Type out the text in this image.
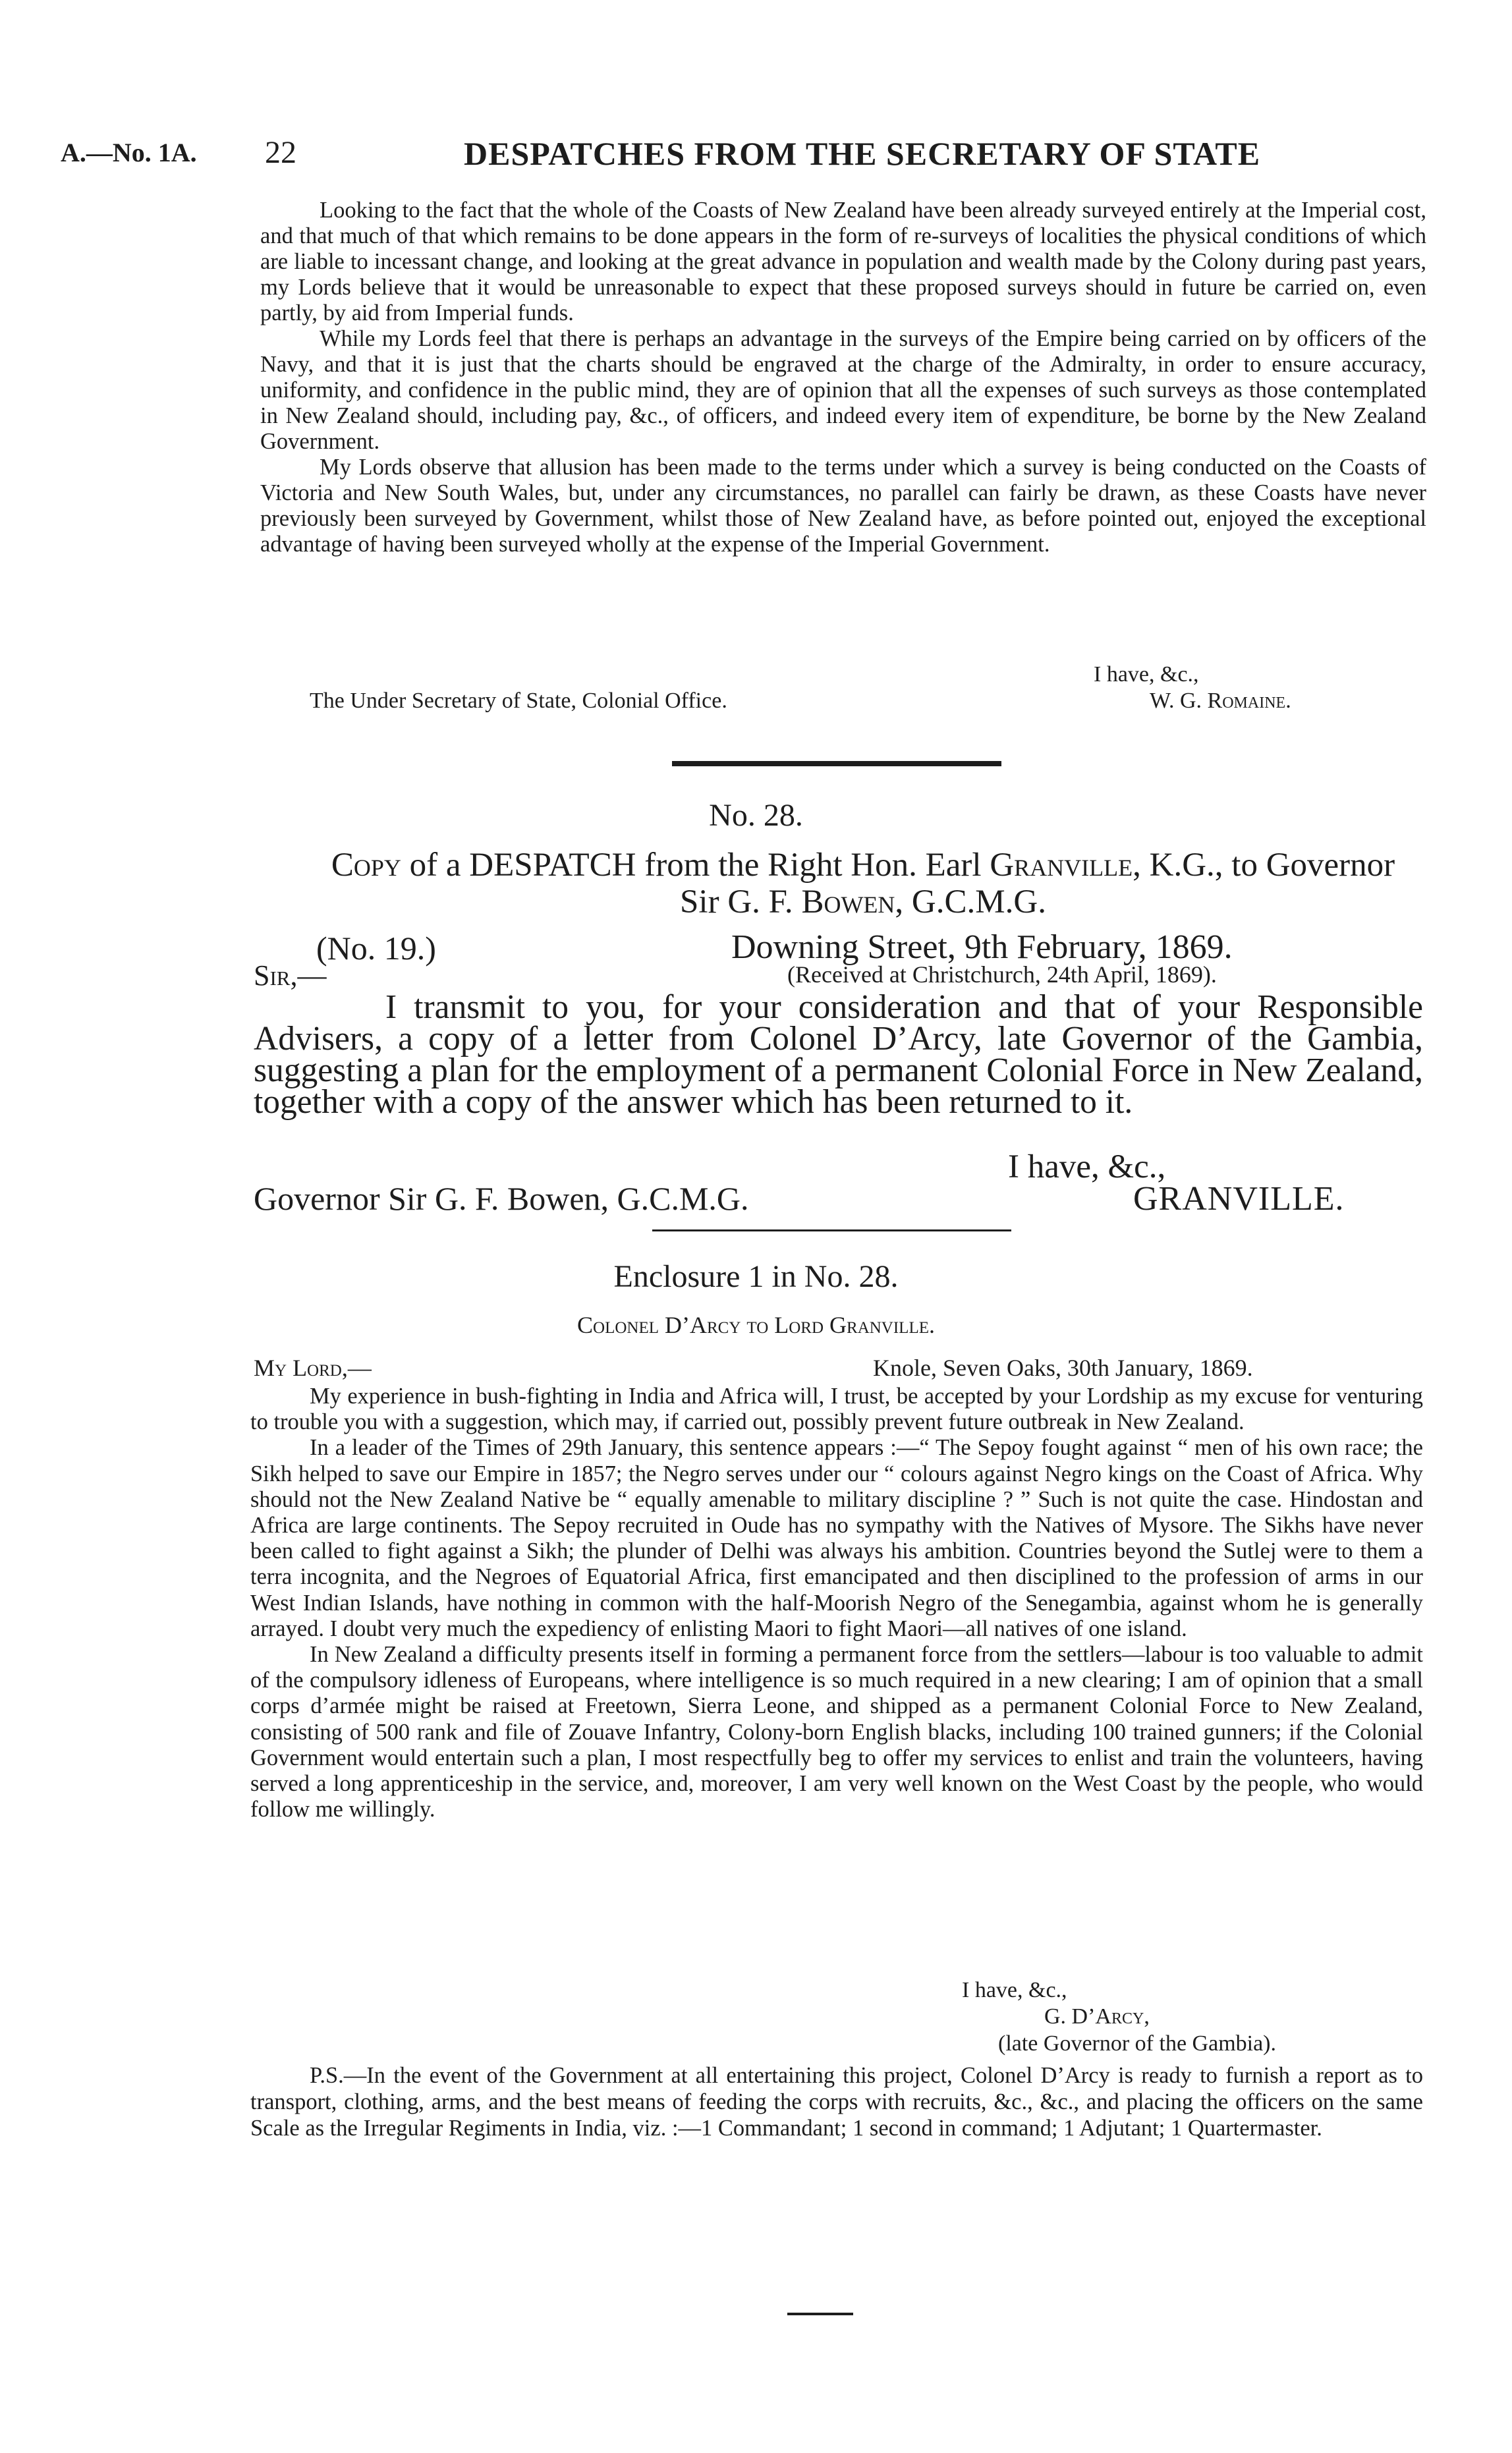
A.—No. 1A. 22	DESPATCHES FROM THE SECRETARY OF STATE

Looking to the fact that the whole of the Coasts of New Zealand have been already surveyed entirely at the Imperial cost, and that much of that which remains to be done appears in the form of re-surveys of localities the physical conditions of which are liable to incessant change, and looking at the great advance in population and wealth made by the Colony during past years, my Lords believe that it would be unreasonable to expect that these proposed surveys should in future be carried on, even partly, by aid from Imperial funds.

While my Lords feel that there is perhaps an advantage in the surveys of the Empire being carried on by officers of the Navy, and that it is just that the charts should be engraved at the charge of the Admiralty, in order to ensure accuracy, uniformity, and confidence in the public mind, they are of opinion that all the expenses of such surveys as those contemplated in New Zealand should, including pay, &c., of officers, and indeed every item of expenditure, be borne by the New Zealand Government.

My Lords observe that allusion has been made to the terms under which a survey is being conducted on the Coasts of Victoria and New South Wales, but, under any circumstances, no parallel can fairly be drawn, as these Coasts have never previously been surveyed by Government, whilst those of New Zealand have, as before pointed out, enjoyed the exceptional advantage of having been surveyed wholly at the expense of the Imperial Government.

I have, &c.,
The Under Secretary of State, Colonial Office.	W. G. Romaine.
No. 28.
Copy of a DESPATCH from the Right Hon. Earl Granville, K.G., to Governor
Sir G. F. Bowen, G.C.M.G.
(No. 19.)	Downing Street, 9th February, 1869.
Sir,—	(Received at Christchurch, 24th April, 1869).

I transmit to you, for your consideration and that of your Responsible Advisers, a copy of a letter from Colonel D’Arcy, late Governor of the Gambia, suggesting a plan for the employment of a permanent Colonial Force in New Zealand, together with a copy of the answer which has been returned to it.

I have, &c.,
Governor Sir G. F. Bowen, G.C.M.G.	GRANVILLE.
Enclosure 1 in No. 28.
Colonel D’Arcy to Lord Granville.
My Lord,—	Knole, Seven Oaks, 30th January, 1869.

My experience in bush-fighting in India and Africa will, I trust, be accepted by your Lordship as my excuse for venturing to trouble you with a suggestion, which may, if carried out, possibly prevent future outbreak in New Zealand.

In a leader of the Times of 29th January, this sentence appears :—“ The Sepoy fought against “ men of his own race; the Sikh helped to save our Empire in 1857; the Negro serves under our “ colours against Negro kings on the Coast of Africa. Why should not the New Zealand Native be “ equally amenable to military discipline ? ” Such is not quite the case. Hindostan and Africa are large continents. The Sepoy recruited in Oude has no sympathy with the Natives of Mysore. The Sikhs have never been called to fight against a Sikh; the plunder of Delhi was always his ambition. Countries beyond the Sutlej were to them a terra incognita, and the Negroes of Equatorial Africa, first emancipated and then disciplined to the profession of arms in our West Indian Islands, have nothing in common with the half-Moorish Negro of the Senegambia, against whom he is generally arrayed. I doubt very much the expediency of enlisting Maori to fight Maori—all natives of one island.

In New Zealand a difficulty presents itself in forming a permanent force from the settlers—labour is too valuable to admit of the compulsory idleness of Europeans, where intelligence is so much required in a new clearing; I am of opinion that a small corps d’armée might be raised at Freetown, Sierra Leone, and shipped as a permanent Colonial Force to New Zealand, consisting of 500 rank and file of Zouave Infantry, Colony-born English blacks, including 100 trained gunners; if the Colonial Government would entertain such a plan, I most respectfully beg to offer my services to enlist and train the volunteers, having served a long apprenticeship in the service, and, moreover, I am very well known on the West Coast by the people, who would follow me willingly.

I have, &c.,
G. D’Arcy,
(late Governor of the Gambia).

P.S.—In the event of the Government at all entertaining this project, Colonel D’Arcy is ready to furnish a report as to transport, clothing, arms, and the best means of feeding the corps with recruits, &c., &c., and placing the officers on the same Scale as the Irregular Regiments in India, viz. :—1 Commandant; 1 second in command; 1 Adjutant; 1 Quartermaster.
